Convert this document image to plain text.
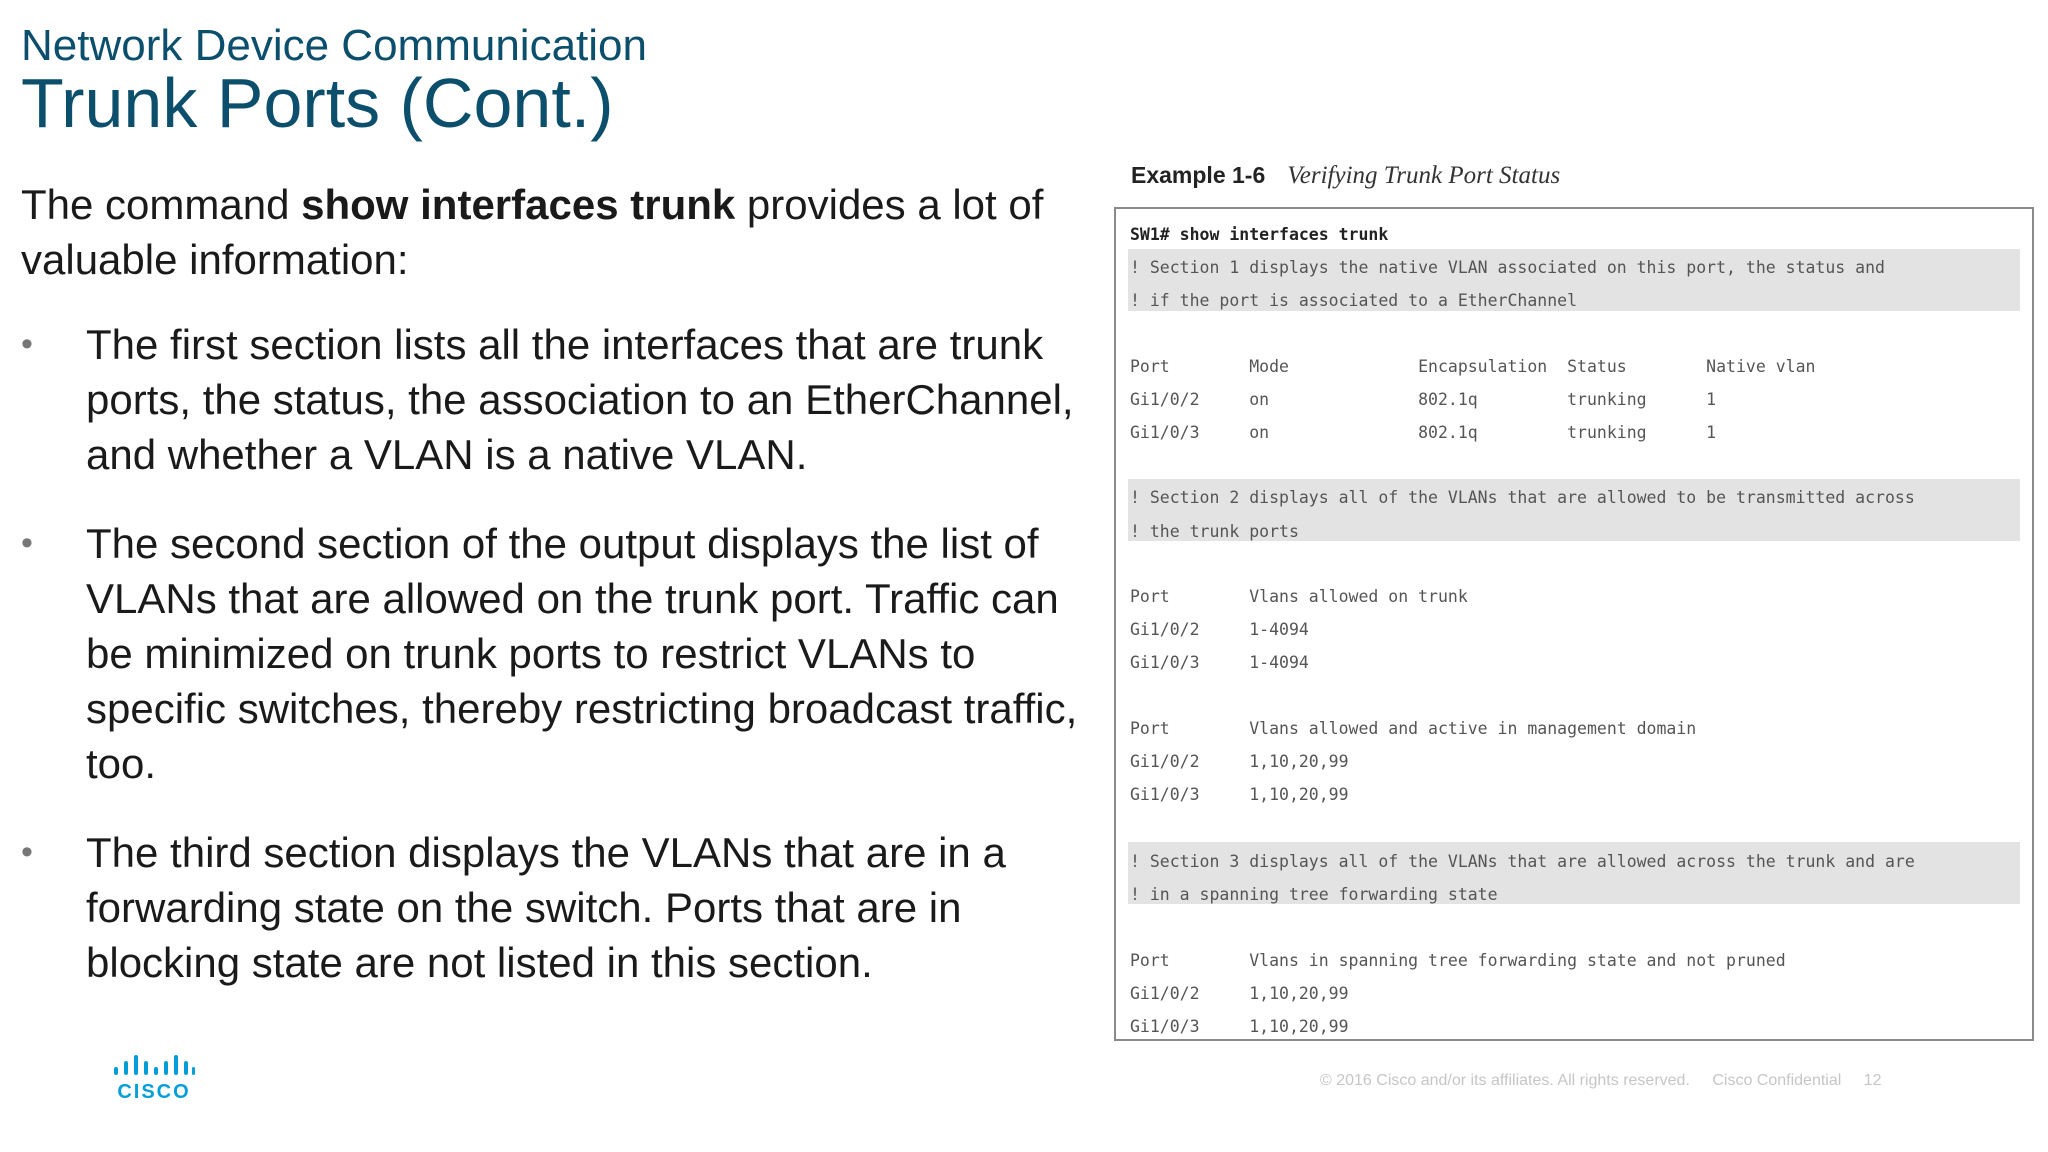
Network Device Communication
Trunk Ports (Cont.)

The command show interfaces trunk provides a lot of valuable information:

• The first section lists all the interfaces that are trunk ports, the status, the association to an EtherChannel, and whether a VLAN is a native VLAN.
• The second section of the output displays the list of VLANs that are allowed on the trunk port. Traffic can be minimized on trunk ports to restrict VLANs to specific switches, thereby restricting broadcast traffic, too.
• The third section displays the VLANs that are in a forwarding state on the switch. Ports that are in blocking state are not listed in this section.
Example 1-6 Verifying Trunk Port Status
SW1# show interfaces trunk
! Section 1 displays the native VLAN associated on this port, the status and
! if the port is associated to a EtherChannel
Port        Mode             Encapsulation  Status        Native vlan
Gi1/0/2     on               802.1q         trunking      1
Gi1/0/3     on               802.1q         trunking      1
! Section 2 displays all of the VLANs that are allowed to be transmitted across
! the trunk ports
Port        Vlans allowed on trunk
Gi1/0/2     1-4094
Gi1/0/3     1-4094
Port        Vlans allowed and active in management domain
Gi1/0/2     1,10,20,99
Gi1/0/3     1,10,20,99
! Section 3 displays all of the VLANs that are allowed across the trunk and are
! in a spanning tree forwarding state
Port        Vlans in spanning tree forwarding state and not pruned
Gi1/0/2     1,10,20,99
Gi1/0/3     1,10,20,99
CISCO
© 2016 Cisco and/or its affiliates. All rights reserved. Cisco Confidential 12
